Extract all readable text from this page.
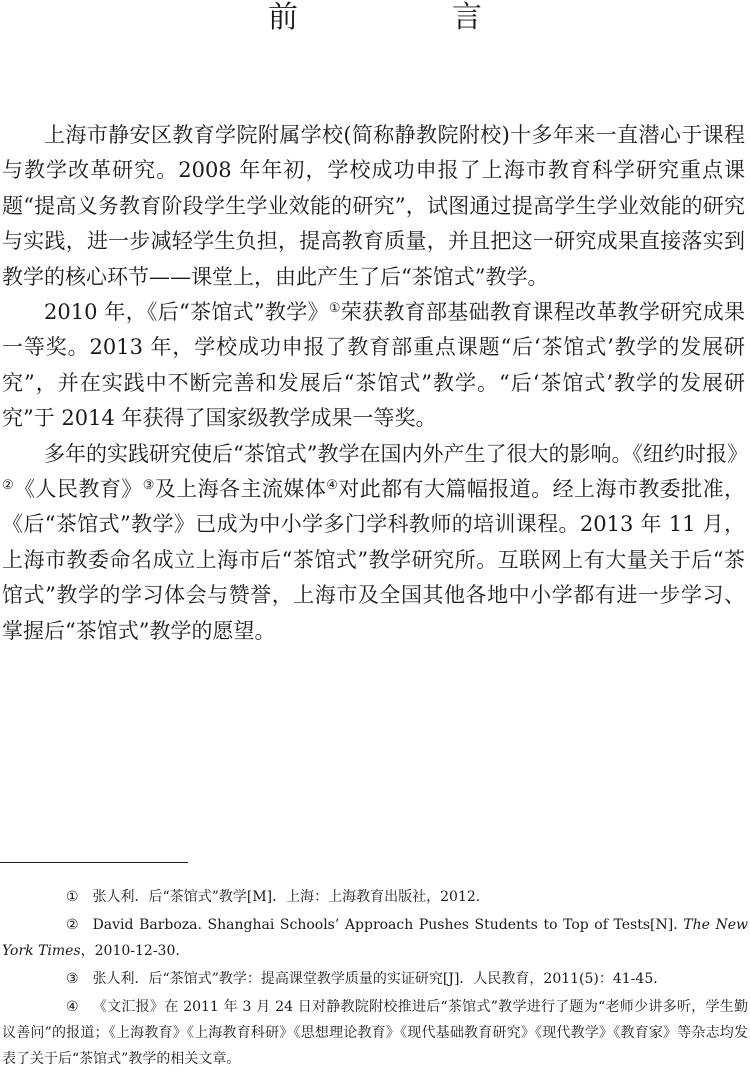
前　言

上海市静安区教育学院附属学校(简称静教院附校)十多年来一直潜心于课程与教学改革研究。2008 年年初，学校成功申报了上海市教育科学研究重点课题“提高义务教育阶段学生学业效能的研究”，试图通过提高学生学业效能的研究与实践，进一步减轻学生负担，提高教育质量，并且把这一研究成果直接落实到教学的核心环节——课堂上，由此产生了后“茶馆式”教学。

2010 年，《后“茶馆式”教学》①荣获教育部基础教育课程改革教学研究成果一等奖。2013 年，学校成功申报了教育部重点课题“后‘茶馆式’教学的发展研究”，并在实践中不断完善和发展后“茶馆式”教学。“后‘茶馆式’教学的发展研究”于 2014 年获得了国家级教学成果一等奖。

多年的实践研究使后“茶馆式”教学在国内外产生了很大的影响。《纽约时报》②《人民教育》③及上海各主流媒体④对此都有大篇幅报道。经上海市教委批准，《后“茶馆式”教学》已成为中小学多门学科教师的培训课程。2013 年 11 月，上海市教委命名成立上海市后“茶馆式”教学研究所。互联网上有大量关于后“茶馆式”教学的学习体会与赞誉，上海市及全国其他各地中小学都有进一步学习、掌握后“茶馆式”教学的愿望。

① 张人利．后“茶馆式”教学[M]．上海：上海教育出版社，2012.

② David Barboza. Shanghai Schools’ Approach Pushes Students to Top of Tests[N]. The New York Times，2010-12-30.

③ 张人利．后“茶馆式”教学：提高课堂教学质量的实证研究[J]．人民教育，2011(5)：41-45.

④ 《文汇报》在 2011 年 3 月 24 日对静教院附校推进后“茶馆式”教学进行了题为“老师少讲多听，学生勤议善问”的报道；《上海教育》《上海教育科研》《思想理论教育》《现代基础教育研究》《现代教学》《教育家》等杂志均发表了关于后“茶馆式”教学的相关文章。
